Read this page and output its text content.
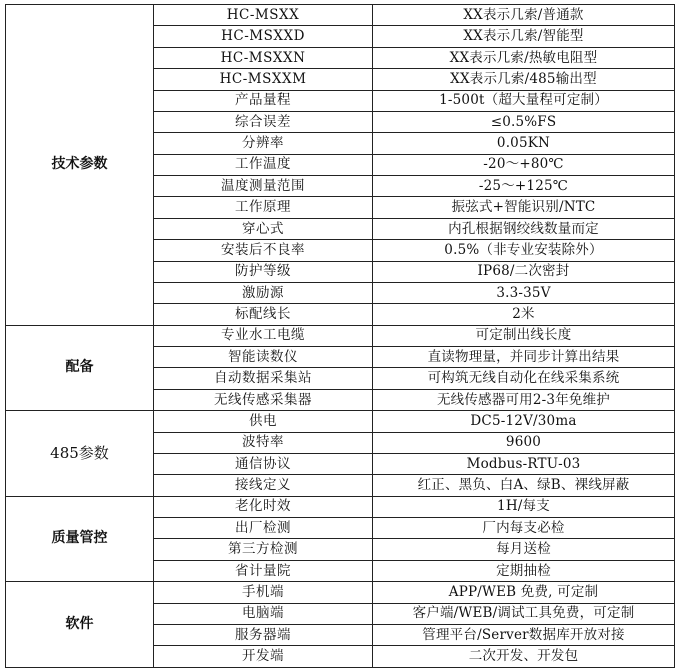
技术参数	HC-MSXX	XX表示几索/普通款
	HC-MSXXD	XX表示几索/智能型
	HC-MSXXN	XX表示几索/热敏电阻型
	HC-MSXXM	XX表示几索/485输出型
	产品量程	1-500t（超大量程可定制）
	综合误差	≤0.5%FS
	分辨率	0.05KN
	工作温度	-20～+80℃
	温度测量范围	-25～+125℃
	工作原理	振弦式+智能识别/NTC
	穿心式	内孔根据钢绞线数量而定
	安装后不良率	0.5%（非专业安装除外）
	防护等级	IP68/二次密封
	激励源	3.3-35V
	标配线长	2米
配备	专业水工电缆	可定制出线长度
	智能读数仪	直读物理量，并同步计算出结果
	自动数据采集站	可构筑无线自动化在线采集系统
	无线传感采集器	无线传感器可用2-3年免维护
485参数	供电	DC5-12V/30ma
	波特率	9600
	通信协议	Modbus-RTU-03
	接线定义	红正、黑负、白A、绿B、裸线屏蔽
质量管控	老化时效	1H/每支
	出厂检测	厂内每支必检
	第三方检测	每月送检
	省计量院	定期抽检
软件	手机端	APP/WEB 免费, 可定制
	电脑端	客户端/WEB/调试工具免费，可定制
	服务器端	管理平台/Server数据库开放对接
	开发端	二次开发、开发包
